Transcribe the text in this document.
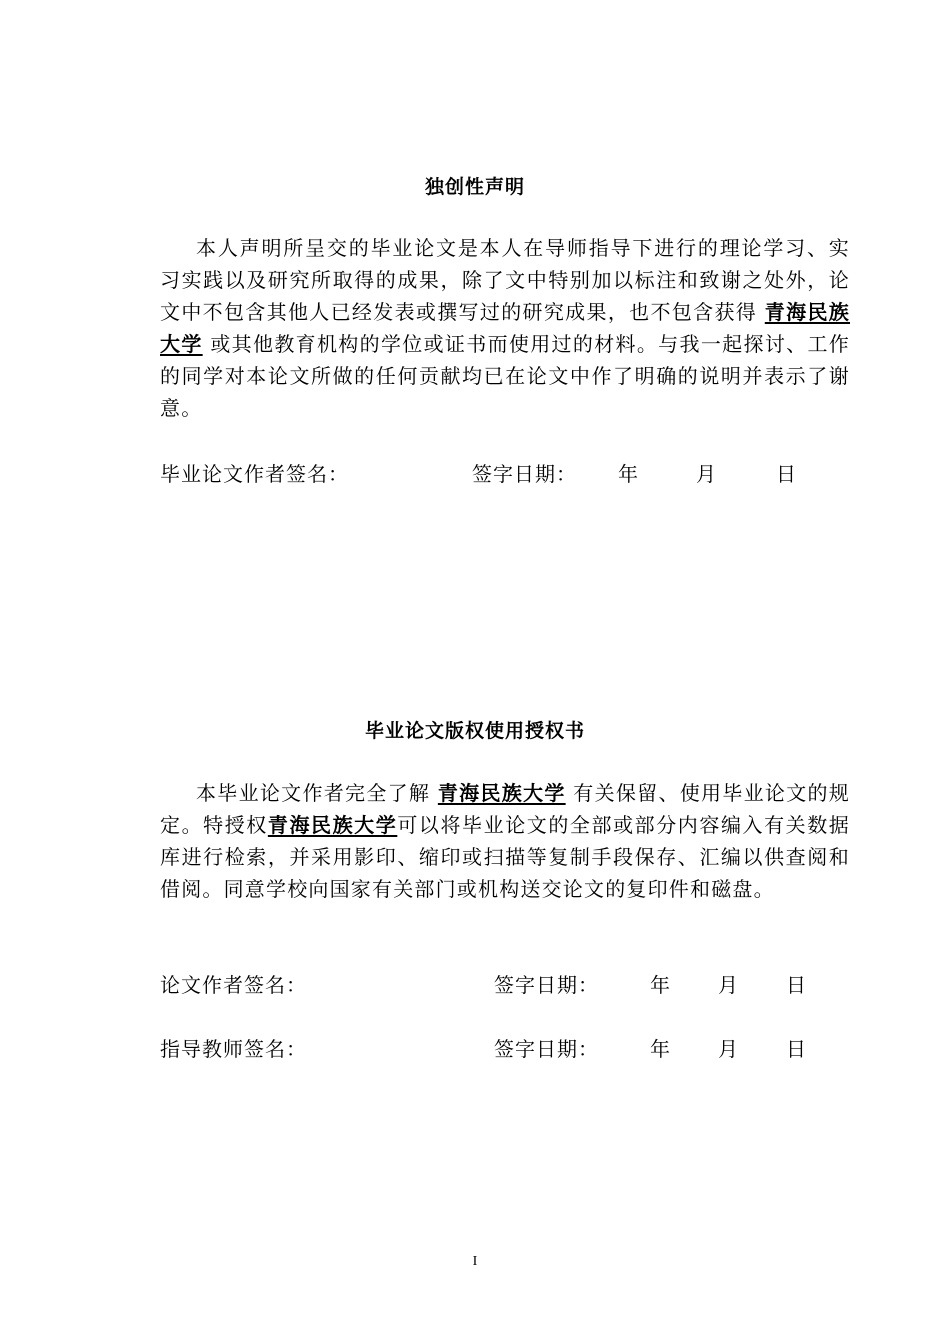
独创性声明
本人声明所呈交的毕业论文是本人在导师指导下进行的理论学习、实习实践以及研究所取得的成果，除了文中特别加以标注和致谢之处外，论文中不包含其他人已经发表或撰写过的研究成果，也不包含获得 青海民族大学 或其他教育机构的学位或证书而使用过的材料。与我一起探讨、工作的同学对本论文所做的任何贡献均已在论文中作了明确的说明并表示了谢意。
毕业论文作者签名：	签字日期： 年	月	日
毕业论文版权使用授权书
本毕业论文作者完全了解 青海民族大学 有关保留、使用毕业论文的规定。特授权青海民族大学可以将毕业论文的全部或部分内容编入有关数据库进行检索，并采用影印、缩印或扫描等复制手段保存、汇编以供查阅和借阅。同意学校向国家有关部门或机构送交论文的复印件和磁盘。
论文作者签名：	签字日期：	年 月 日
指导教师签名：	签字日期：	年 月 日
I
